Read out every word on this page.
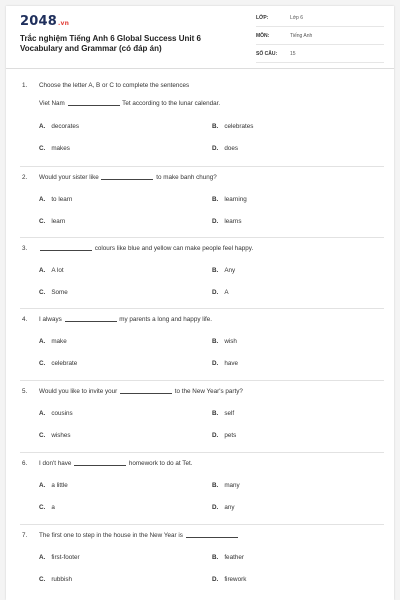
2048.vn
Trắc nghiệm Tiếng Anh 6 Global Success Unit 6 Vocabulary and Grammar (có đáp án)
LỚP:	Lớp 6
MÔN:	Tiếng Anh
SỐ CÂU:	15
1. Choose the letter A, B or C to complete the sentences
Viet Nam	Tet according to the lunar calendar.
A. decorates	B. celebrates
C. makes	D. does
2. Would your sister like	to make banh chung?
A. to learn	B. learning
C. learn	D. learns
3.	colours like blue and yellow can make people feel happy.
A. A lot	B. Any
C. Some	D. A
4. I always	my parents a long and happy life.
A. make	B. wish
C. celebrate	D. have
5. Would you like to invite your	to the New Year's party?
A. cousins	B. self
C. wishes	D. pets
6. I don't have	homework to do at Tet.
A. a little	B. many
C. a	D. any
7. The first one to step in the house in the New Year is
A. first-footer	B. feather
C. rubbish	D. firework
